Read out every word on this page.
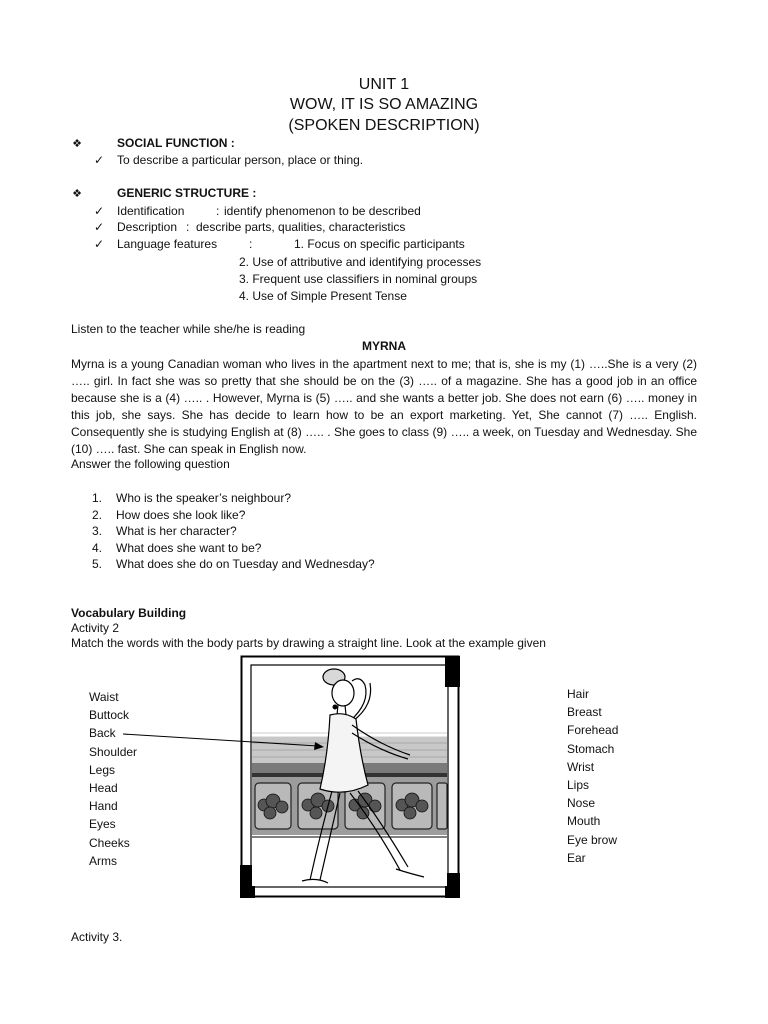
UNIT 1
WOW, IT IS SO AMAZING
(SPOKEN DESCRIPTION)
❖	SOCIAL FUNCTION :
✓ To describe a particular person, place or thing.
❖	GENERIC STRUCTURE :
✓ Identification	: identify phenomenon to be described
✓ Description : describe parts, qualities, characteristics
✓ Language features	:	1. Focus on specific participants
2. Use of attributive and identifying processes
3. Frequent use classifiers in nominal groups
4. Use of Simple Present Tense
Listen to the teacher while she/he is reading
MYRNA
Myrna is a young Canadian woman who lives in the apartment next to me; that is, she is my (1) …..She is a very (2) ….. girl. In fact she was so pretty that she should be on the (3) ….. of a magazine. She has a good job in an office because she is a (4) ….. . However, Myrna is (5) ….. and she wants a better job. She does not earn (6) ….. money in this job, she says. She has decide to learn how to be an export marketing. Yet, She cannot (7) ….. English. Consequently she is studying English at (8) ….. . She goes to class (9) ….. a week, on Tuesday and Wednesday. She (10) ….. fast. She can speak in English now.
Answer the following question
1. Who is the speaker’s neighbour?
2. How does she look like?
3. What is her character?
4. What does she want to be?
5. What does she do on Tuesday and Wednesday?
Vocabulary Building
Activity 2
Match the words with the body parts by drawing a straight line. Look at the example given
Waist
Buttock
Back
Shoulder
Legs
Head
Hand
Eyes
Cheeks
Arms
Hair
Breast
Forehead
Stomach
Wrist
Lips
Nose
Mouth
Eye brow
Ear
Activity 3.
